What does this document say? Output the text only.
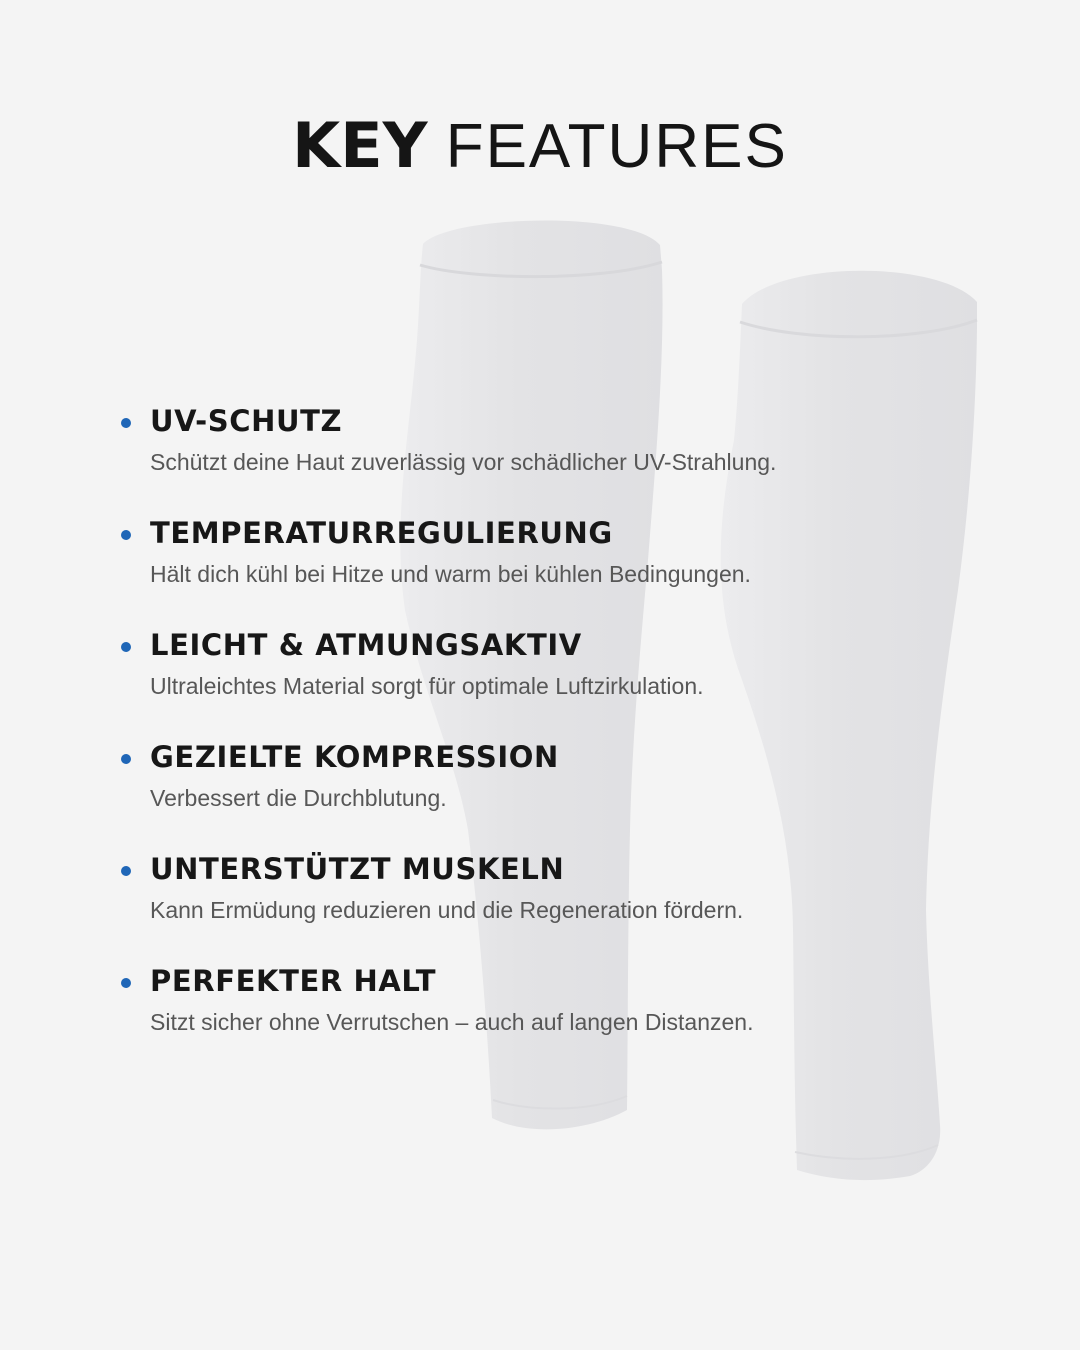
KEY FEATURES
UV-SCHUTZ
Schützt deine Haut zuverlässig vor schädlicher UV-Strahlung.
TEMPERATURREGULIERUNG
Hält dich kühl bei Hitze und warm bei kühlen Bedingungen.
LEICHT & ATMUNGSAKTIV
Ultraleichtes Material sorgt für optimale Luftzirkulation.
GEZIELTE KOMPRESSION
Verbessert die Durchblutung.
UNTERSTÜTZT MUSKELN
Kann Ermüdung reduzieren und die Regeneration fördern.
PERFEKTER HALT
Sitzt sicher ohne Verrutschen – auch auf langen Distanzen.
